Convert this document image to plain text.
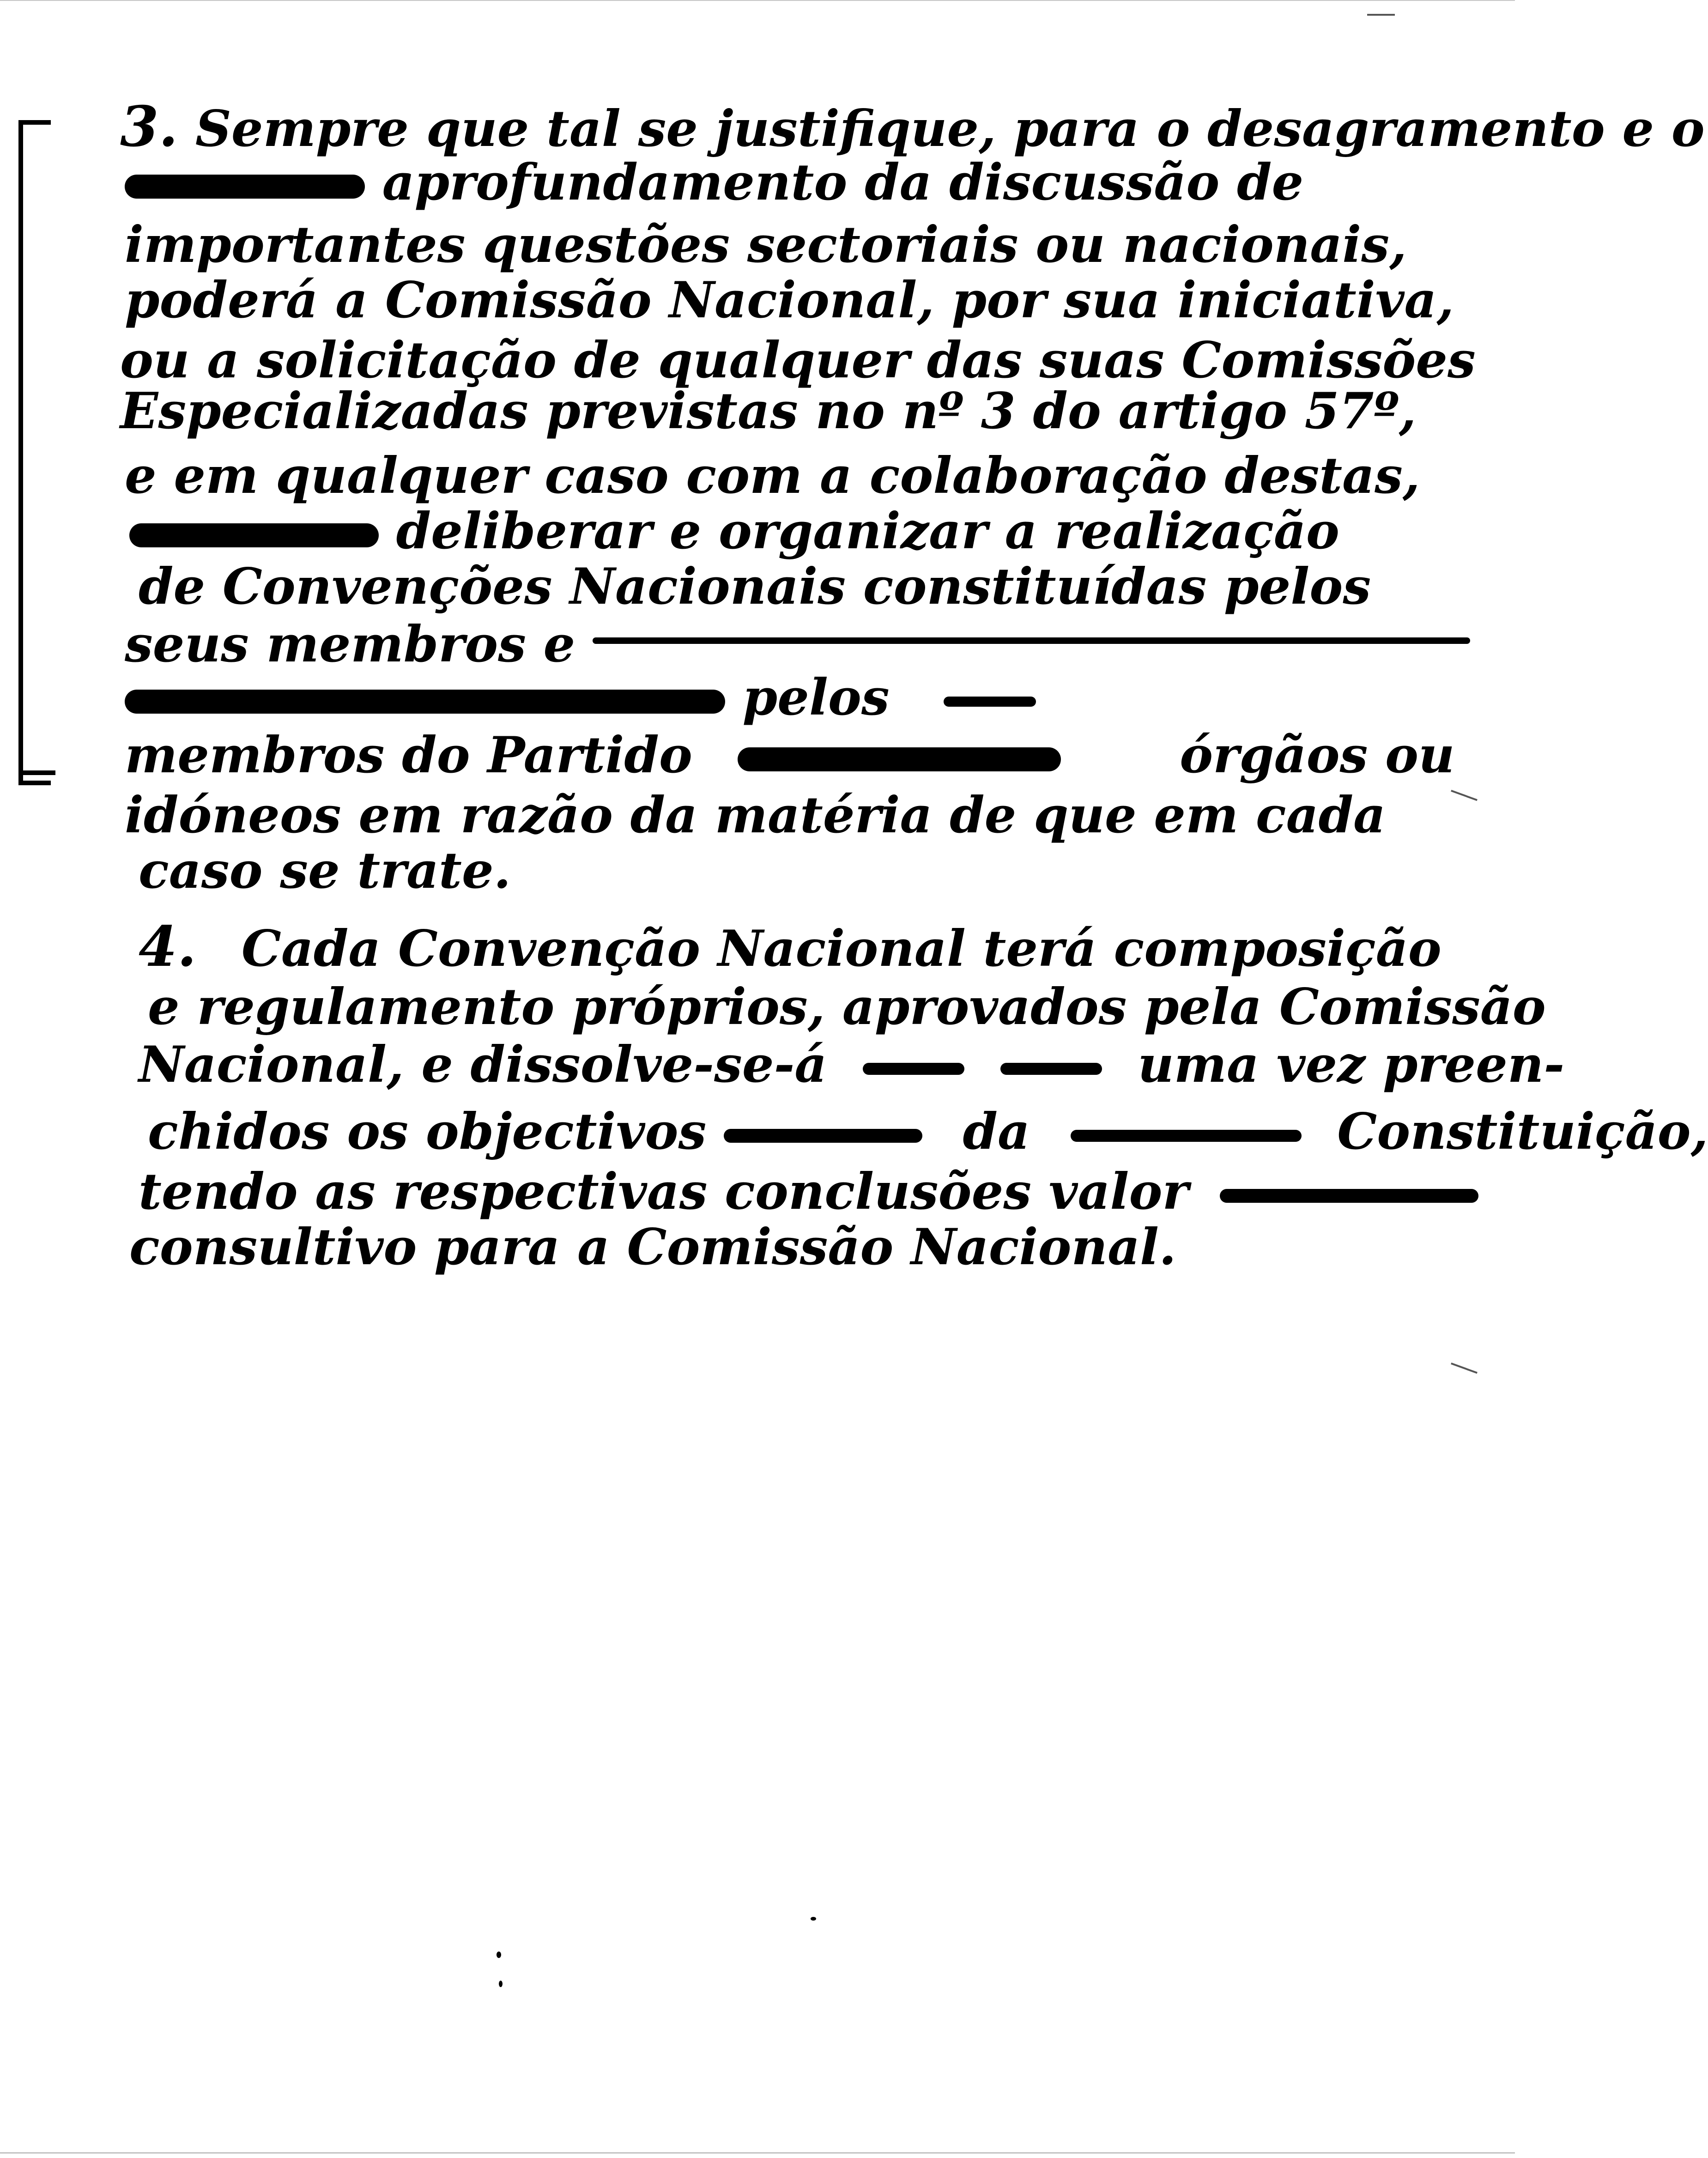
3. Sempre que tal se justifique, para o desagramento e o
aprofundamento da discussão de
importantes questões sectoriais ou nacionais,
poderá a Comissão Nacional, por sua iniciativa,
ou a solicitação de qualquer das suas Comissões
Especializadas previstas no nº 3 do artigo 57º,
e em qualquer caso com a colaboração destas,
deliberar e organizar a realização
de Convenções Nacionais constituídas pelos
seus membros e
pelos
membros do Partido	órgãos ou
idóneos em razão da matéria de que em cada
caso se trate.
4. Cada Convenção Nacional terá composição
e regulamento próprios, aprovados pela Comissão
Nacional, e dissolve-se-á	uma vez preen-
chidos os objectivos	da	Constituição,
tendo as respectivas conclusões valor
consultivo para a Comissão Nacional.
